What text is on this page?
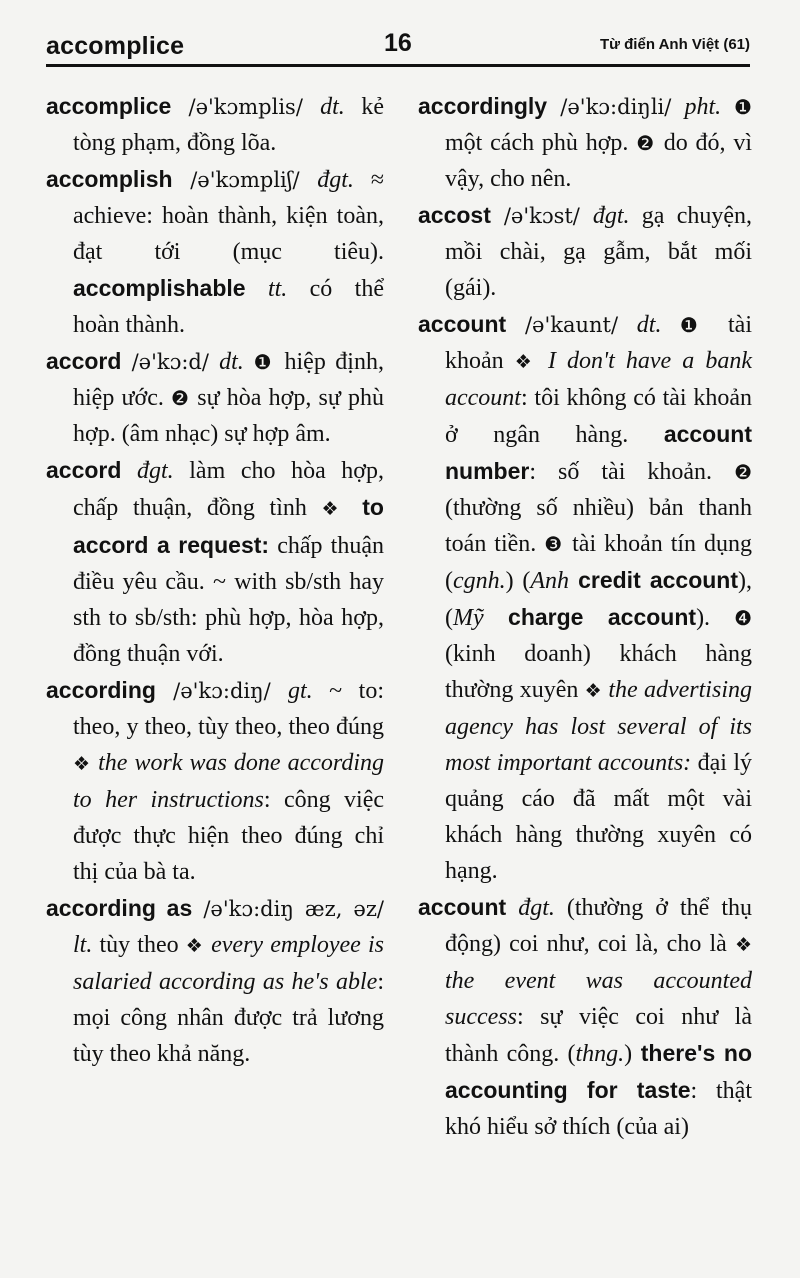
accomplice	16	Từ điển Anh Việt (61)

accomplice /ə'kɔmplis/ dt. kẻ tòng phạm, đồng lõa.

accomplish /ə'kɔmpliʃ/ đgt. ≈ achieve: hoàn thành, kiện toàn, đạt tới (mục tiêu). accomplishable tt. có thể hoàn thành.

accord /ə'kɔ:d/ dt. ❶ hiệp định, hiệp ước. ❷ sự hòa hợp, sự phù hợp. (âm nhạc) sự hợp âm.

accord đgt. làm cho hòa hợp, chấp thuận, đồng tình ❖ to accord a request: chấp thuận điều yêu cầu. ~ with sb/sth hay sth to sb/sth: phù hợp, hòa hợp, đồng thuận với.

according /ə'kɔ:diŋ/ gt. ~ to: theo, y theo, tùy theo, theo đúng ❖ the work was done according to her instructions: công việc được thực hiện theo đúng chỉ thị của bà ta.

according as /ə'kɔ:diŋ æz, əz/ lt. tùy theo ❖ every employee is salaried according as he's able: mọi công nhân được trả lương tùy theo khả năng.

accordingly /ə'kɔ:diŋli/ pht. ❶ một cách phù hợp. ❷ do đó, vì vậy, cho nên.

accost /ə'kɔst/ đgt. gạ chuyện, mồi chài, gạ gẫm, bắt mối (gái).

account /ə'kaunt/ dt. ❶ tài khoản ❖ I don't have a bank account: tôi không có tài khoản ở ngân hàng. account number: số tài khoản. ❷ (thường số nhiều) bản thanh toán tiền. ❸ tài khoản tín dụng (cgnh.) (Anh credit account), (Mỹ charge account). ❹ (kinh doanh) khách hàng thường xuyên ❖ the advertising agency has lost several of its most important accounts: đại lý quảng cáo đã mất một vài khách hàng thường xuyên có hạng.

account đgt. (thường ở thể thụ động) coi như, coi là, cho là ❖ the event was accounted success: sự việc coi như là thành công. (thng.) there's no accounting for taste: thật khó hiểu sở thích (của ai)
